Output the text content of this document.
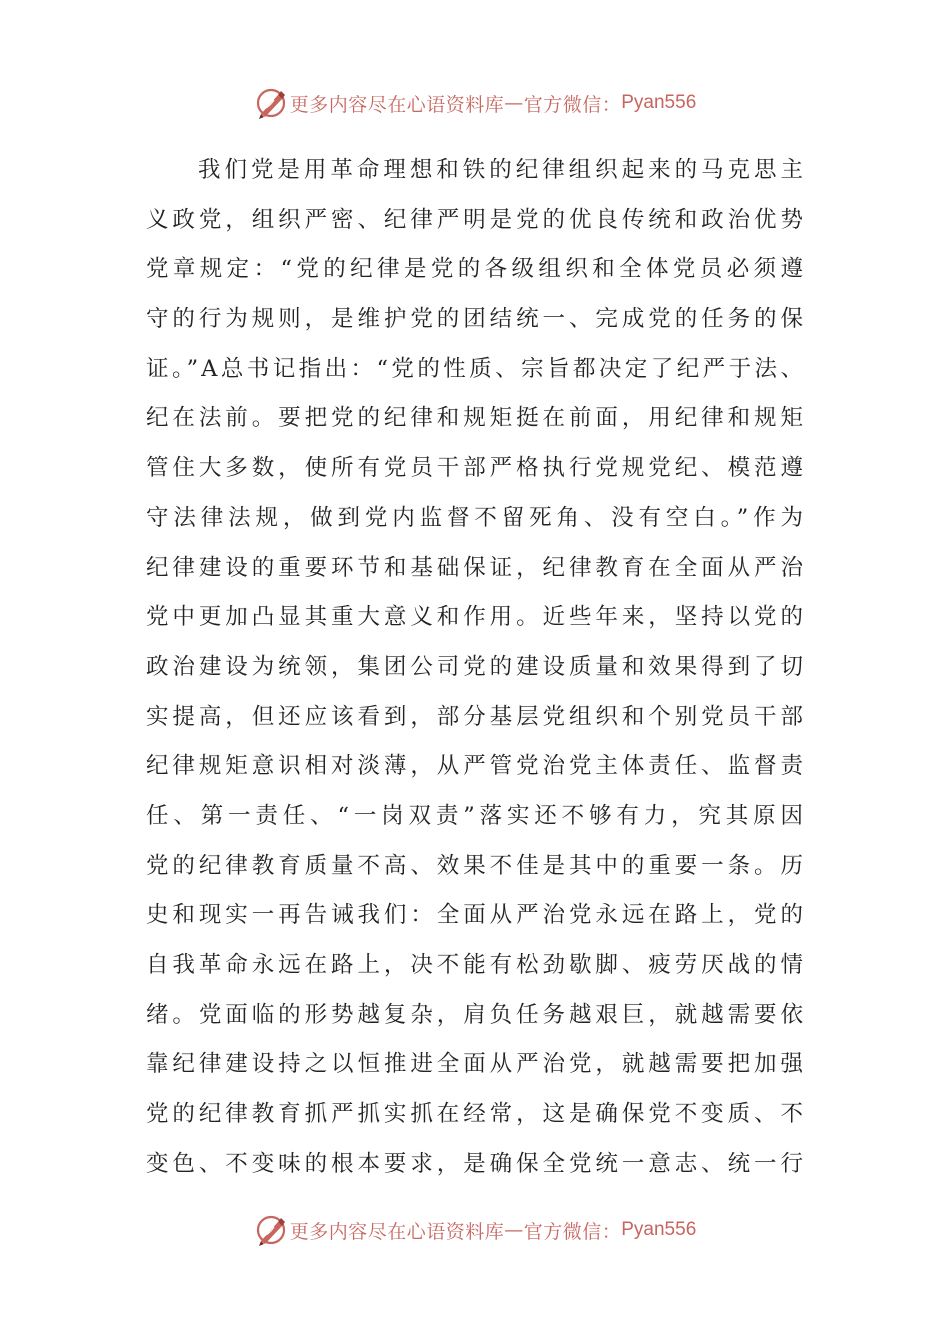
更多内容尽在心语资料库 — 官方微信： Pyan556
我们党是用革命理想和铁的纪律组织起来的马克思主
义政党，组织严密、纪律严明是党的优良传统和政治优势
党章规定：“党的纪律是党的各级组织和全体党员必须遵
守的行为规则，是维护党的团结统一、完成党的任务的保
证。”A总书记指出：“党的性质、宗旨都决定了纪严于法、
纪在法前。要把党的纪律和规矩挺在前面，用纪律和规矩
管住大多数，使所有党员干部严格执行党规党纪、模范遵
守法律法规，做到党内监督不留死角、没有空白。”作为
纪律建设的重要环节和基础保证，纪律教育在全面从严治
党中更加凸显其重大意义和作用。近些年来，坚持以党的
政治建设为统领，集团公司党的建设质量和效果得到了切
实提高，但还应该看到，部分基层党组织和个别党员干部
纪律规矩意识相对淡薄，从严管党治党主体责任、监督责
任、第一责任、“一岗双责”落实还不够有力，究其原因
党的纪律教育质量不高、效果不佳是其中的重要一条。历
史和现实一再告诫我们：全面从严治党永远在路上，党的
自我革命永远在路上，决不能有松劲歇脚、疲劳厌战的情
绪。党面临的形势越复杂，肩负任务越艰巨，就越需要依
靠纪律建设持之以恒推进全面从严治党，就越需要把加强
党的纪律教育抓严抓实抓在经常，这是确保党不变质、不
变色、不变味的根本要求，是确保全党统一意志、统一行
更多内容尽在心语资料库 — 官方微信： Pyan556
